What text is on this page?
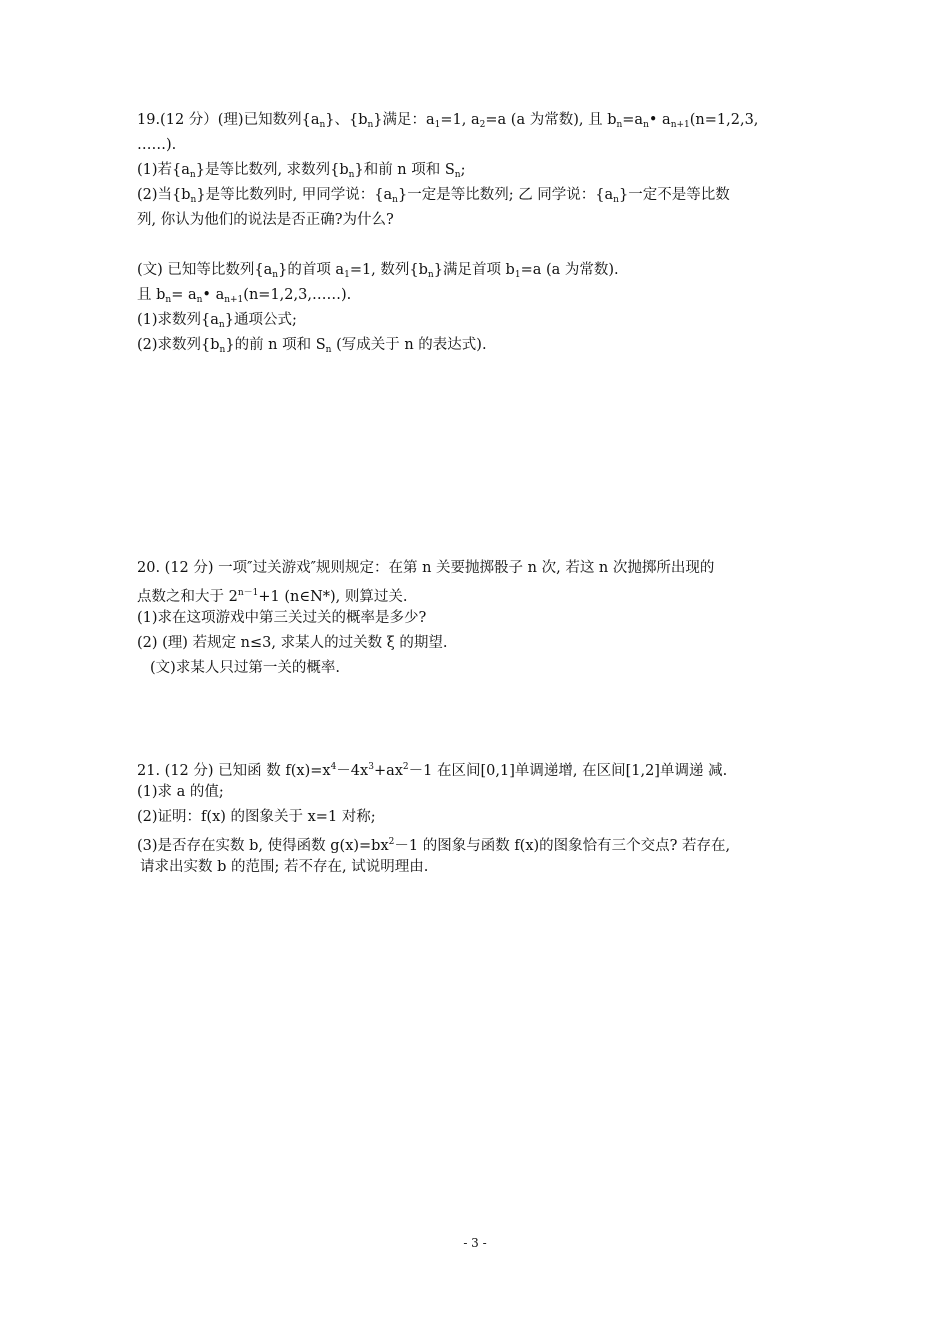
19.(12 分）(理)已知数列$\{a_n\}$、$\{b_n\}$满足：$a_1=1$, $a_2=a$ (a 为常数), 且 $b_n=a_n•$ $a_{n+1}(n=1,2,3$,
……).
(1)若$\{a_n\}$是等比数列, 求数列$\{b_n\}$和前 n 项和 $S_n$;
(2)当$\{b_n\}$是等比数列时, 甲同学说：$\{a_n\}$一定是等比数列; 乙 同学说：$\{a_n\}$一定不是等比数
列, 你认为他们的说法是否正确?为什么?
(文) 已知等比数列$\{a_n\}$的首项 $a_1=1$, 数列$\{b_n\}$满足首项 $b_1=a$ (a 为常数).
且 $b_n=$ $a_n•$ $a_{n+1}(n=1,2,3,\dots\dots)$.
(1)求数列$\{a_n\}$通项公式;
(2)求数列$\{b_n\}$的前 n 项和 $S_n$ (写成关于 n 的表达式).
20. (12 分) 一项″过关游戏″规则规定：在第 n 关要抛掷骰子 n 次, 若这 n 次抛掷所出现的
点数之和大于 $2^{n-1}+1$ (n∈N*), 则算过关.
(1)求在这项游戏中第三关过关的概率是多少?
(2) (理) 若规定 n≤3, 求某人的过关数 ξ 的期望.
(文)求某人只过第一关的概率.
21. (12 分) 已知函 数 $f(x)=x^4-4x^3+ax^2-1$ 在区间[0,1]单调递增, 在区间[1,2]单调递 减.
(1)求 a 的值;
(2)证明：f(x) 的图象关于 x=1 对称;
(3)是否存在实数 b, 使得函数 $g(x)=bx^2-1$ 的图象与函数 f(x)的图象恰有三个交点? 若存在,
请求出实数 b 的范围; 若不存在, 试说明理由.
- 3 -
